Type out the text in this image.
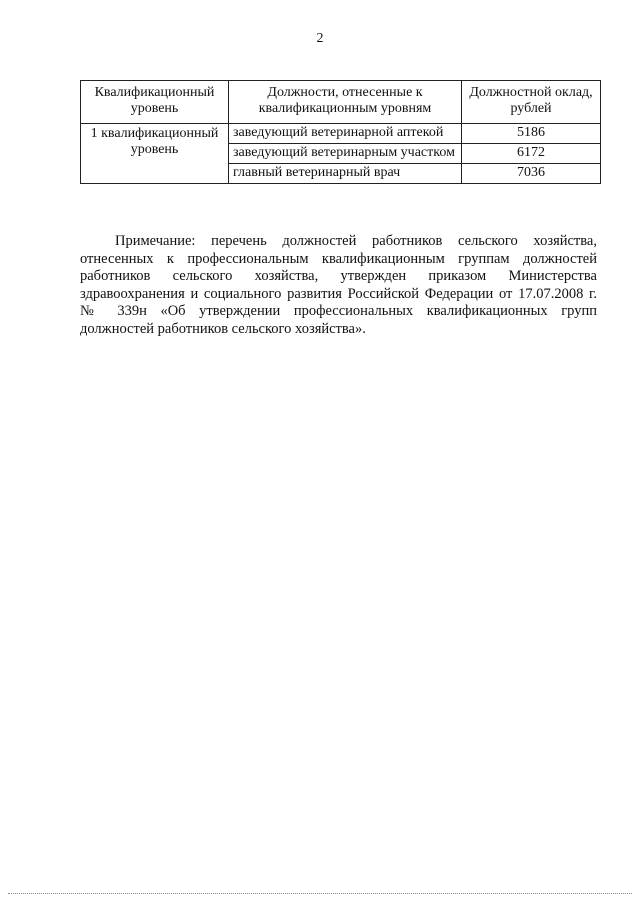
2
Квалификационный уровень	Должности, отнесенные к квалификационным уровням	Должностной оклад, рублей
1 квалификационный уровень	заведующий ветеринарной аптекой	5186
	заведующий ветеринарным участком	6172
	главный ветеринарный врач	7036

Примечание: перечень должностей работников сельского хозяйства, отнесенных к профессиональным квалификационным группам должностей работников сельского хозяйства, утвержден приказом Министерства здравоохранения и социального развития Российской Федерации от 17.07.2008 г. № 339н «Об утверждении профессиональных квалификационных групп должностей работников сельского хозяйства».
